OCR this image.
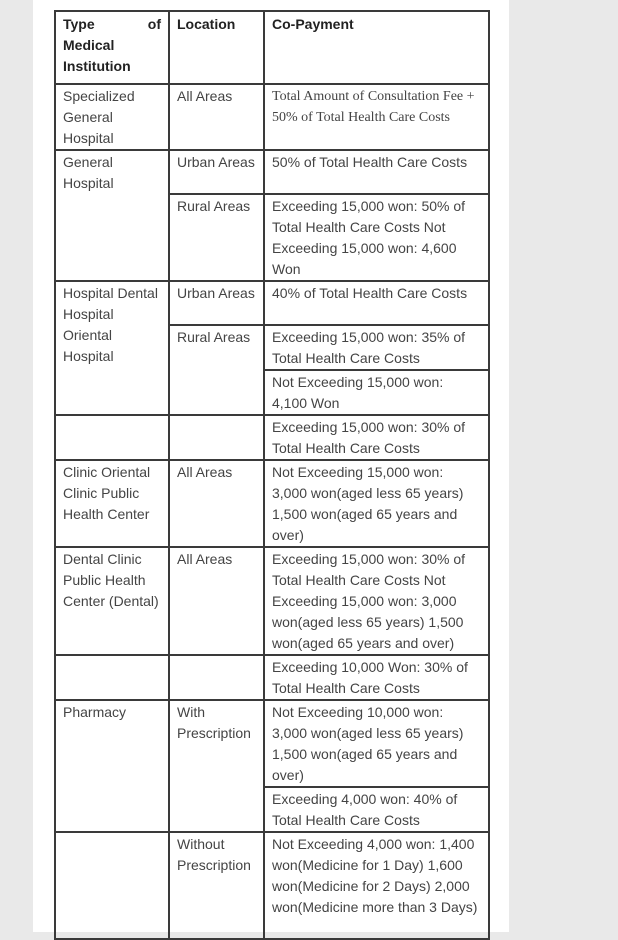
Type of
Medical
Institution	Location	Co-Payment
Specialized General Hospital	All Areas	Total Amount of Consultation Fee + 50% of Total Health Care Costs
General Hospital	Urban Areas	50% of Total Health Care Costs
	Rural Areas	Exceeding 15,000 won: 50% of Total Health Care Costs Not Exceeding 15,000 won: 4,600 Won
Hospital Dental Hospital Oriental Hospital	Urban Areas	40% of Total Health Care Costs
	Rural Areas	Exceeding 15,000 won: 35% of Total Health Care Costs
		Not Exceeding 15,000 won: 4,100 Won
		Exceeding 15,000 won: 30% of Total Health Care Costs
Clinic Oriental Clinic Public Health Center	All Areas	Not Exceeding 15,000 won: 3,000 won(aged less 65 years) 1,500 won(aged 65 years and over)
Dental Clinic Public Health Center (Dental)	All Areas	Exceeding 15,000 won: 30% of Total Health Care Costs Not Exceeding 15,000 won: 3,000 won(aged less 65 years) 1,500 won(aged 65 years and over)
		Exceeding 10,000 Won: 30% of Total Health Care Costs
Pharmacy	With Prescription	Not Exceeding 10,000 won: 3,000 won(aged less 65 years) 1,500 won(aged 65 years and over)
		Exceeding 4,000 won: 40% of Total Health Care Costs
	Without Prescription	Not Exceeding 4,000 won: 1,400 won(Medicine for 1 Day) 1,600 won(Medicine for 2 Days) 2,000 won(Medicine more than 3 Days)
